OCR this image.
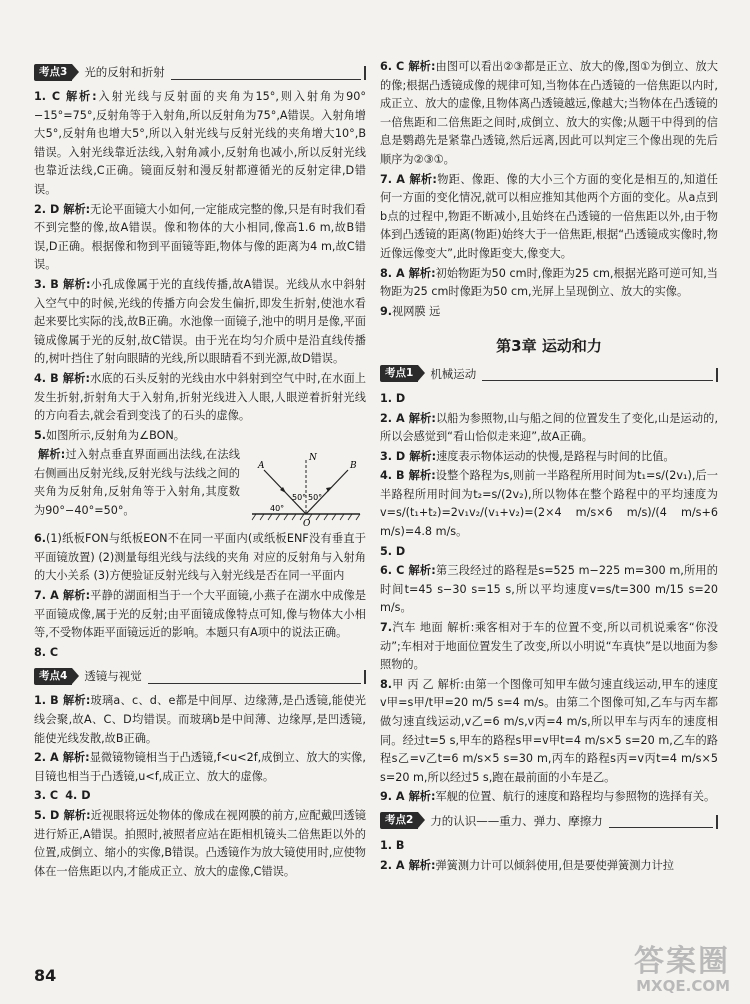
考点3	光的反射和折射
1. C 解析:入射光线与反射面的夹角为15°,则入射角为90°−15°=75°,反射角等于入射角,所以反射角为75°,A错误。入射角增大5°,反射角也增大5°,所以入射光线与反射光线的夹角增大10°,B错误。入射光线靠近法线,入射角减小,反射角也减小,所以反射光线也靠近法线,C正确。镜面反射和漫反射都遵循光的反射定律,D错误。
2. D 解析:无论平面镜大小如何,一定能成完整的像,只是有时我们看不到完整的像,故A错误。像和物体的大小相同,像高1.6 m,故B错误,D正确。根据像和物到平面镜等距,物体与像的距离为4 m,故C错误。
3. B 解析:小孔成像属于光的直线传播,故A错误。光线从水中斜射入空气中的时候,光线的传播方向会发生偏折,即发生折射,使池水看起来要比实际的浅,故B正确。水池像一面镜子,池中的明月是像,平面镜成像属于光的反射,故C错误。由于光在均匀介质中是沿直线传播的,树叶挡住了射向眼睛的光线,所以眼睛看不到光源,故D错误。
4. B 解析:水底的石头反射的光线由水中斜射到空气中时,在水面上发生折射,折射角大于入射角,折射光线进入人眼,人眼逆着折射光线的方向看去,就会看到变浅了的石头的虚像。
5.如图所示,反射角为∠BON。
A
N
B
O
40°
50° 50°
解析:过入射点垂直界面画出法线,在法线右侧画出反射光线,反射光线与法线之间的夹角为反射角,反射角等于入射角,其度数为90°−40°=50°。
6.(1)纸板FON与纸板EON不在同一平面内(或纸板ENF没有垂直于平面镜放置) (2)测量每组光线与法线的夹角 对应的反射角与入射角的大小关系 (3)方便验证反射光线与入射光线是否在同一平面内
7. A 解析:平静的湖面相当于一个大平面镜,小燕子在湖水中成像是平面镜成像,属于光的反射;由平面镜成像特点可知,像与物体大小相等,不受物体距平面镜远近的影响。本题只有A项中的说法正确。
8. C
考点4	透镜与视觉
1. B 解析:玻璃a、c、d、e都是中间厚、边缘薄,是凸透镜,能使光线会聚,故A、C、D均错误。而玻璃b是中间薄、边缘厚,是凹透镜,能使光线发散,故B正确。
2. A 解析:显微镜物镜相当于凸透镜,f<u<2f,成倒立、放大的实像,目镜也相当于凸透镜,u<f,成正立、放大的虚像。
3. C 4. D
5. D 解析:近视眼将远处物体的像成在视网膜的前方,应配戴凹透镜进行矫正,A错误。拍照时,被照者应站在距相机镜头二倍焦距以外的位置,成倒立、缩小的实像,B错误。凸透镜作为放大镜使用时,应使物体在一倍焦距以内,才能成正立、放大的虚像,C错误。
6. C 解析:由图可以看出②③都是正立、放大的像,图①为倒立、放大的像;根据凸透镜成像的规律可知,当物体在凸透镜的一倍焦距以内时,成正立、放大的虚像,且物体离凸透镜越远,像越大;当物体在凸透镜的一倍焦距和二倍焦距之间时,成倒立、放大的实像;从题干中得到的信息是鹦鹉先是紧靠凸透镜,然后远离,因此可以判定三个像出现的先后顺序为②③①。
7. A 解析:物距、像距、像的大小三个方面的变化是相互的,知道任何一方面的变化情况,就可以相应推知其他两个方面的变化。从a点到b点的过程中,物距不断减小,且始终在凸透镜的一倍焦距以外,由于物体到凸透镜的距离(物距)始终大于一倍焦距,根据“凸透镜成实像时,物近像远像变大”,此时像距变大,像变大。
8. A 解析:初始物距为50 cm时,像距为25 cm,根据光路可逆可知,当物距为25 cm时像距为50 cm,光屏上呈现倒立、放大的实像。
9.视网膜 远
第3章 运动和力
考点1	机械运动
1. D
2. A 解析:以船为参照物,山与船之间的位置发生了变化,山是运动的,所以会感觉到“看山恰似走来迎”,故A正确。
3. D 解析:速度表示物体运动的快慢,是路程与时间的比值。
4. B 解析:设整个路程为s,则前一半路程所用时间为t₁=s/(2v₁),后一半路程所用时间为t₂=s/(2v₂),所以物体在整个路程中的平均速度为v=s/(t₁+t₂)=2v₁v₂/(v₁+v₂)=(2×4 m/s×6 m/s)/(4 m/s+6 m/s)=4.8 m/s。
5. D
6. C 解析:第三段经过的路程是s=525 m−225 m=300 m,所用的时间t=45 s−30 s=15 s,所以平均速度v=s/t=300 m/15 s=20 m/s。
7.汽车 地面 解析:乘客相对于车的位置不变,所以司机说乘客“你没动”;车相对于地面位置发生了改变,所以小明说“车真快”是以地面为参照物的。
8.甲 丙 乙 解析:由第一个图像可知甲车做匀速直线运动,甲车的速度v甲=s甲/t甲=20 m/5 s=4 m/s。由第二个图像可知,乙车与丙车都做匀速直线运动,v乙=6 m/s,v丙=4 m/s,所以甲车与丙车的速度相同。经过t=5 s,甲车的路程s甲=v甲t=4 m/s×5 s=20 m,乙车的路程s乙=v乙t=6 m/s×5 s=30 m,丙车的路程s丙=v丙t=4 m/s×5 s=20 m,所以经过5 s,跑在最前面的小车是乙。
9. A 解析:军舰的位置、航行的速度和路程均与参照物的选择有关。
考点2	力的认识——重力、弹力、摩擦力
1. B
2. A 解析:弹簧测力计可以倾斜使用,但是要使弹簧测力计拉
84	答案圈
MXQE.COM
